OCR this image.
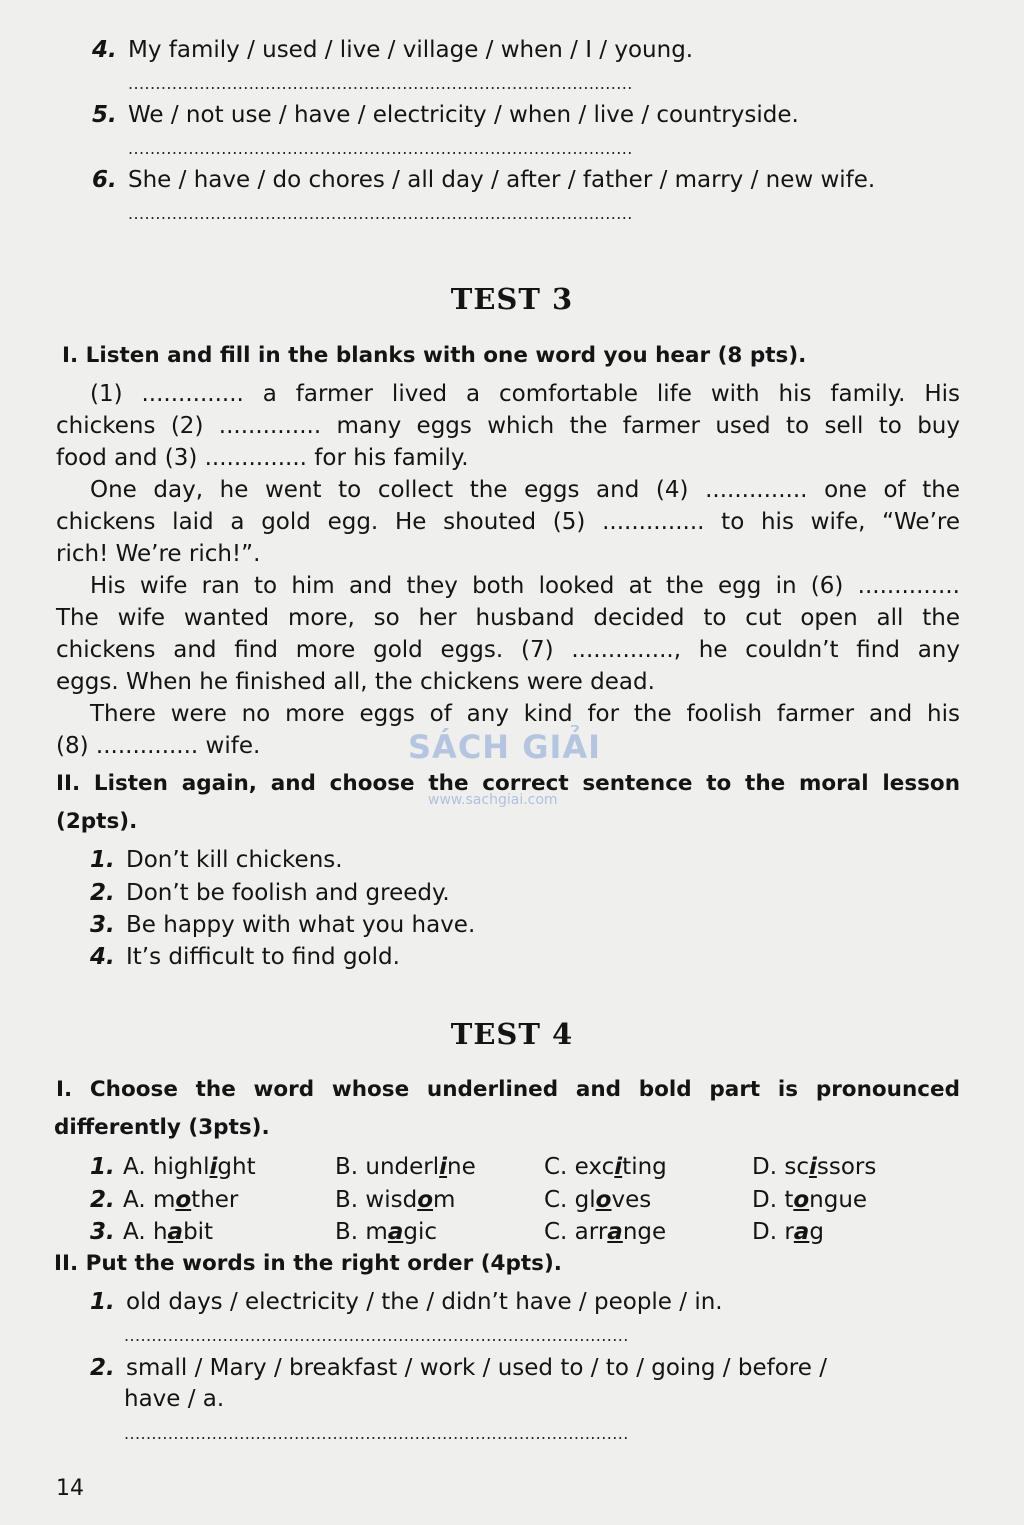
4. My family / used / live / village / when / I / young.
............................................................................................
5. We / not use / have / electricity / when / live / countryside.
............................................................................................
6. She / have / do chores / all day / after / father / marry / new wife.
............................................................................................
TEST 3
I. Listen and fill in the blanks with one word you hear (8 pts).
(1) .............. a farmer lived a comfortable life with his family. His
chickens (2) .............. many eggs which the farmer used to sell to buy
food and (3) .............. for his family.
One day, he went to collect the eggs and (4) .............. one of the
chickens laid a gold egg. He shouted (5) .............. to his wife, “We’re
rich! We’re rich!”.
His wife ran to him and they both looked at the egg in (6) ..............
The wife wanted more, so her husband decided to cut open all the
chickens and find more gold eggs. (7) .............., he couldn’t find any
eggs. When he finished all, the chickens were dead.
There were no more eggs of any kind for the foolish farmer and his
(8) .............. wife.
II. Listen again, and choose the correct sentence to the moral lesson
(2pts).
1. Don’t kill chickens.
2. Don’t be foolish and greedy.
3. Be happy with what you have.
4. It’s difficult to find gold.
TEST 4
I. Choose the word whose underlined and bold part is pronounced
differently (3pts).
1. A. highlight	B. underline	C. exciting	D. scissors
2. A. mother	B. wisdom	C. gloves	D. tongue
3. A. habit	B. magic	C. arrange	D. rag
II. Put the words in the right order (4pts).
1. old days / electricity / the / didn’t have / people / in.
............................................................................................
2. small / Mary / breakfast / work / used to / to / going / before /
have / a.
............................................................................................
SÁCH GIẢI
www.sachgiai.com
14
